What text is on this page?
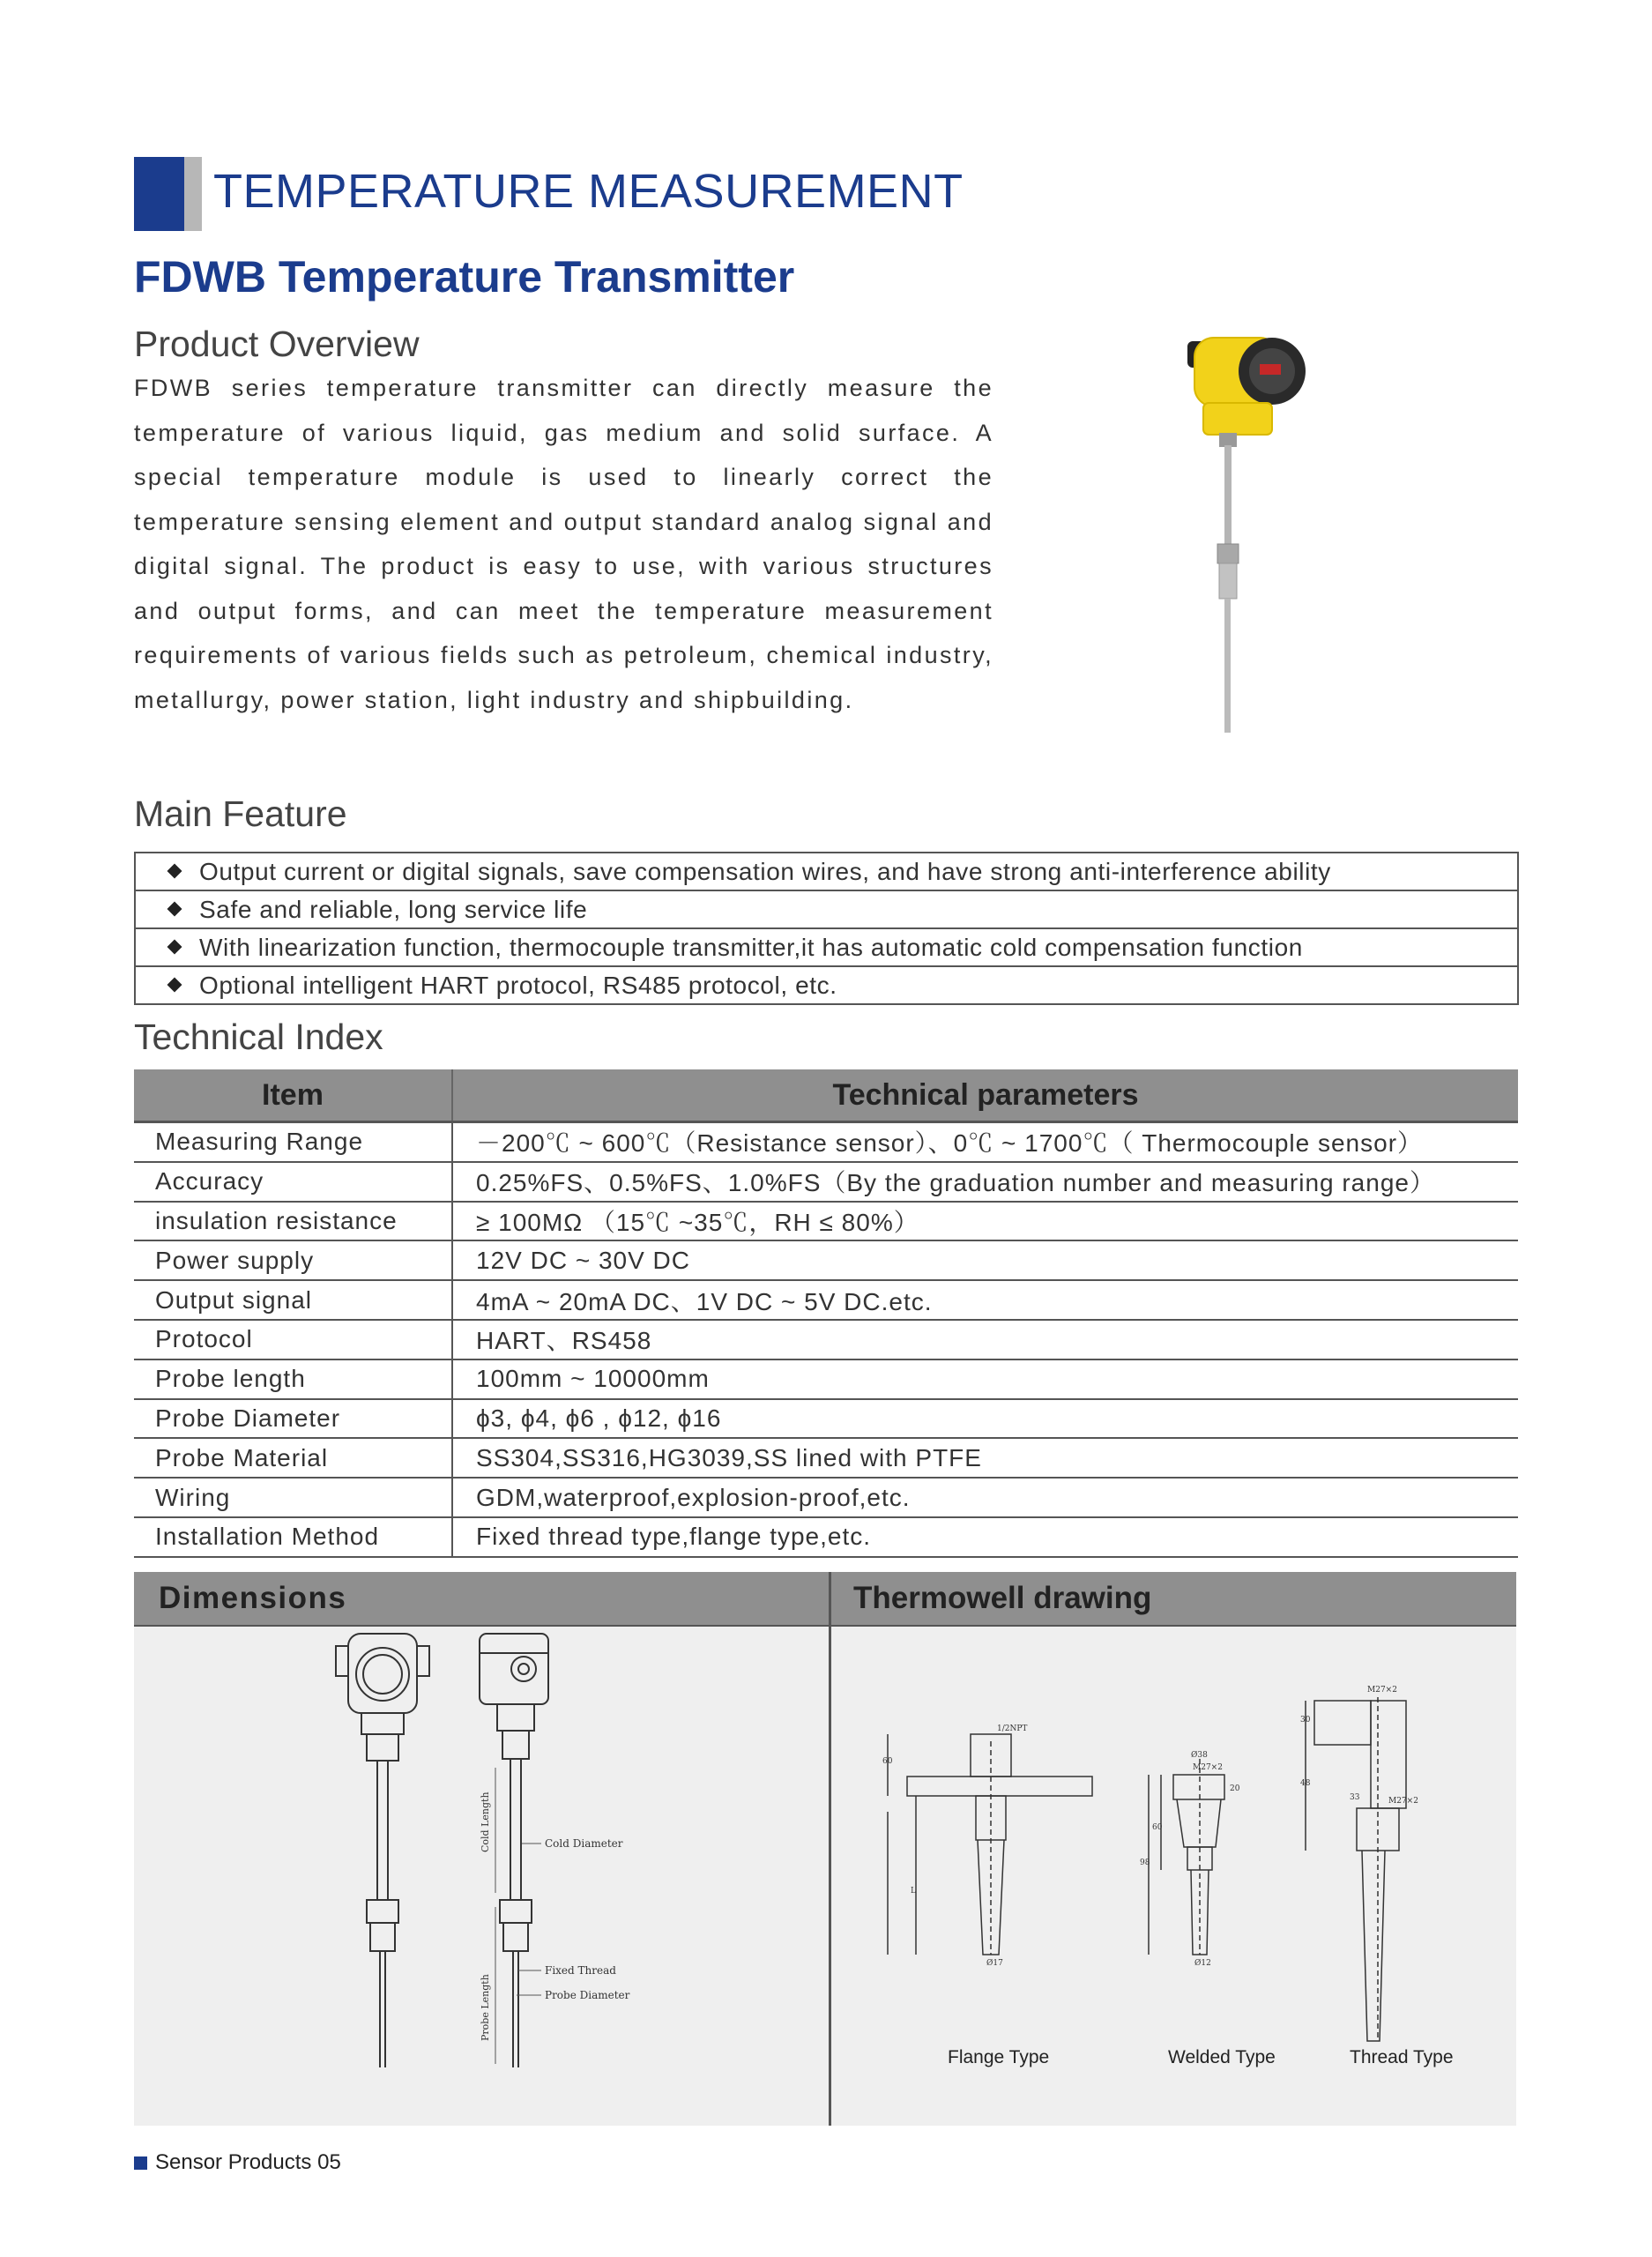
TEMPERATURE MEASUREMENT
FDWB Temperature Transmitter
Product Overview
FDWB series temperature transmitter can directly measure the temperature of various liquid, gas medium and solid surface. A special temperature module is used to linearly correct the temperature sensing element and output standard analog signal and digital signal. The product is easy to use, with various structures and output forms, and can meet the temperature measurement requirements of various fields such as petroleum, chemical industry, metallurgy, power station, light industry and shipbuilding.
Main Feature
Output current or digital signals, save compensation wires, and have strong anti-interference ability
Safe and reliable, long service life
With linearization function, thermocouple transmitter,it has automatic cold compensation function
Optional intelligent HART protocol, RS485 protocol, etc.
Technical Index
Item	Technical parameters
Measuring Range	－200℃ ~ 600℃（Resistance sensor）、0℃ ~ 1700℃（ Thermocouple sensor）
Accuracy	0.25%FS、0.5%FS、1.0%FS（By the graduation number and measuring range）
insulation resistance	≥ 100MΩ （15℃ ~35℃，RH ≤ 80%）
Power supply	12V DC ~ 30V DC
Output signal	4mA ~ 20mA DC、1V DC ~ 5V DC.etc.
Protocol	HART、RS458
Probe length	100mm ~ 10000mm
Probe Diameter	ϕ3, ϕ4, ϕ6 , ϕ12, ϕ16
Probe Material	SS304,SS316,HG3039,SS lined with PTFE
Wiring	GDM,waterproof,explosion-proof,etc.
Installation Method	Fixed thread type,flange type,etc.
Dimensions
Cold Length	Cold Diameter
Probe Length
Fixed Thread
Probe Diameter
Thermowell drawing
1/2NPT
60
L
Ø17
Ø38
M27×2
20
98
60
Ø12
M27×2
30
48
33	M27×2
Flange Type	Welded Type	Thread Type
Sensor Products 05
